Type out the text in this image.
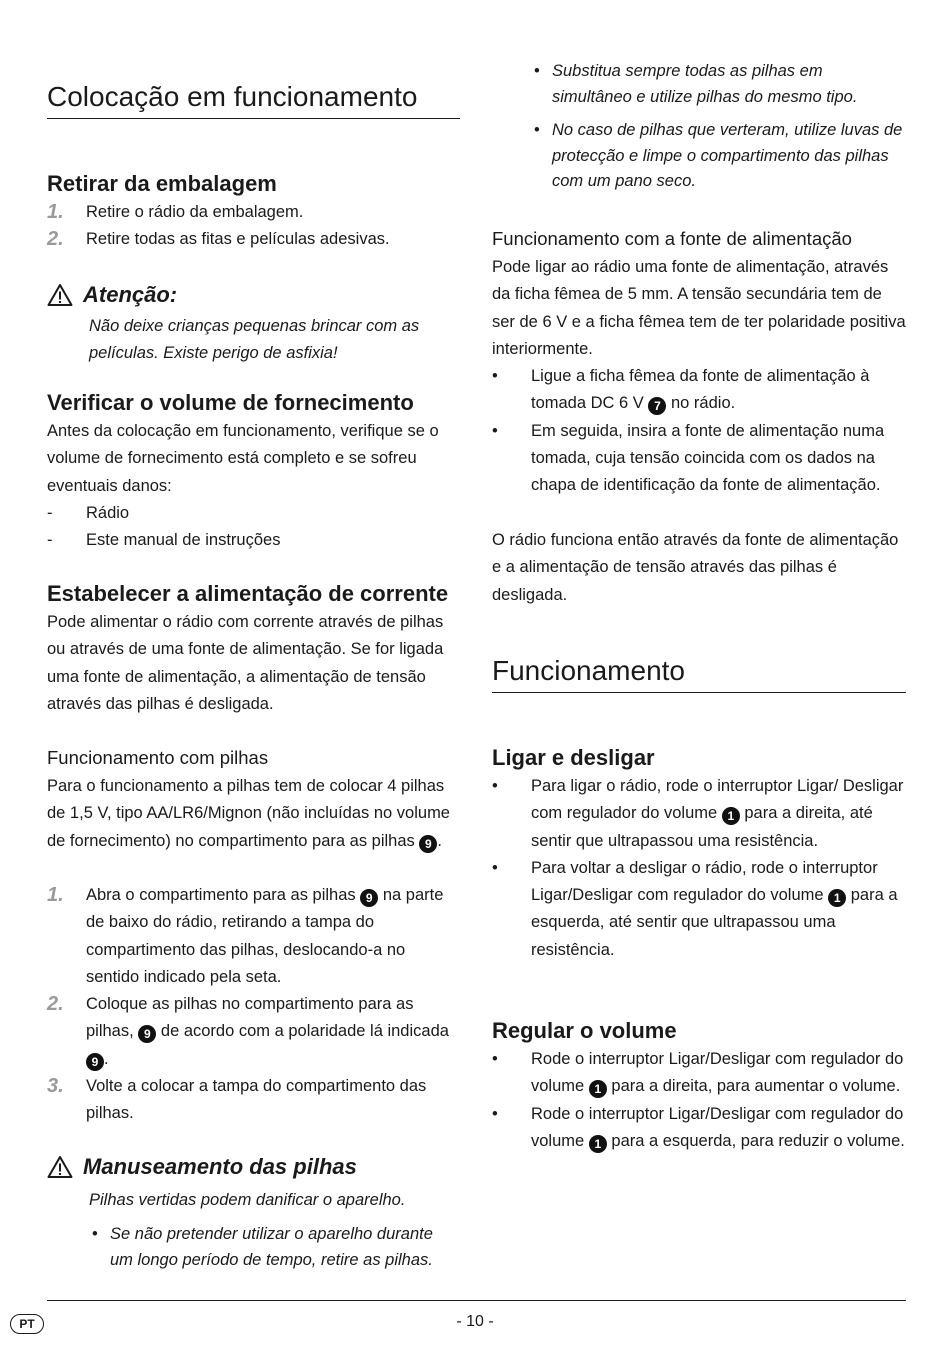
Colocação em funcionamento
Retirar da embalagem
1. Retire o rádio da embalagem.
2. Retire todas as fitas e películas adesivas.
Atenção:

Não deixe crianças pequenas brincar com as películas. Existe perigo de asfixia!

Verificar o volume de fornecimento

Antes da colocação em funcionamento, verifique se o volume de fornecimento está completo e se sofreu eventuais danos:

- Rádio
- Este manual de instruções
Estabelecer a alimentação de corrente

Pode alimentar o rádio com corrente através de pilhas ou através de uma fonte de alimentação. Se for ligada uma fonte de alimentação, a alimentação de tensão através das pilhas é desligada.

Funcionamento com pilhas

Para o funcionamento a pilhas tem de colocar 4 pilhas de 1,5 V, tipo AA/LR6/Mignon (não incluídas no volume de fornecimento) no compartimento para as pilhas 9 .

1. Abra o compartimento para as pilhas 9 na parte de baixo do rádio, retirando a tampa do compartimento das pilhas, deslocando-a no sentido indicado pela seta.
2. Coloque as pilhas no compartimento para as pilhas, 9 de acordo com a polaridade lá indicada 9 .
3. Volte a colocar a tampa do compartimento das pilhas.
Manuseamento das pilhas

Pilhas vertidas podem danificar o aparelho.

• Se não pretender utilizar o aparelho durante um longo período de tempo, retire as pilhas.
• Substitua sempre todas as pilhas em simultâneo e utilize pilhas do mesmo tipo.
• No caso de pilhas que verteram, utilize luvas de protecção e limpe o compartimento das pilhas com um pano seco.
Funcionamento com a fonte de alimentação

Pode ligar ao rádio uma fonte de alimentação, através da ficha fêmea de 5 mm. A tensão secundária tem de ser de 6 V e a ficha fêmea tem de ter polaridade positiva interiormente.

• Ligue a ficha fêmea da fonte de alimentação à tomada DC 6 V 7 no rádio.
• Em seguida, insira a fonte de alimentação numa tomada, cuja tensão coincida com os dados na chapa de identificação da fonte de alimentação.

O rádio funciona então através da fonte de alimentação e a alimentação de tensão através das pilhas é desligada.

Funcionamento
Ligar e desligar
• Para ligar o rádio, rode o interruptor Ligar/ Desligar com regulador do volume 1 para a direita, até sentir que ultrapassou uma resistência.
• Para voltar a desligar o rádio, rode o interruptor Ligar/Desligar com regulador do volume 1 para a esquerda, até sentir que ultrapassou uma resistência.
Regular o volume
• Rode o interruptor Ligar/Desligar com regulador do volume 1 para a direita, para aumentar o volume.
• Rode o interruptor Ligar/Desligar com regulador do volume 1 para a esquerda, para reduzir o volume.
PT	- 10 -
